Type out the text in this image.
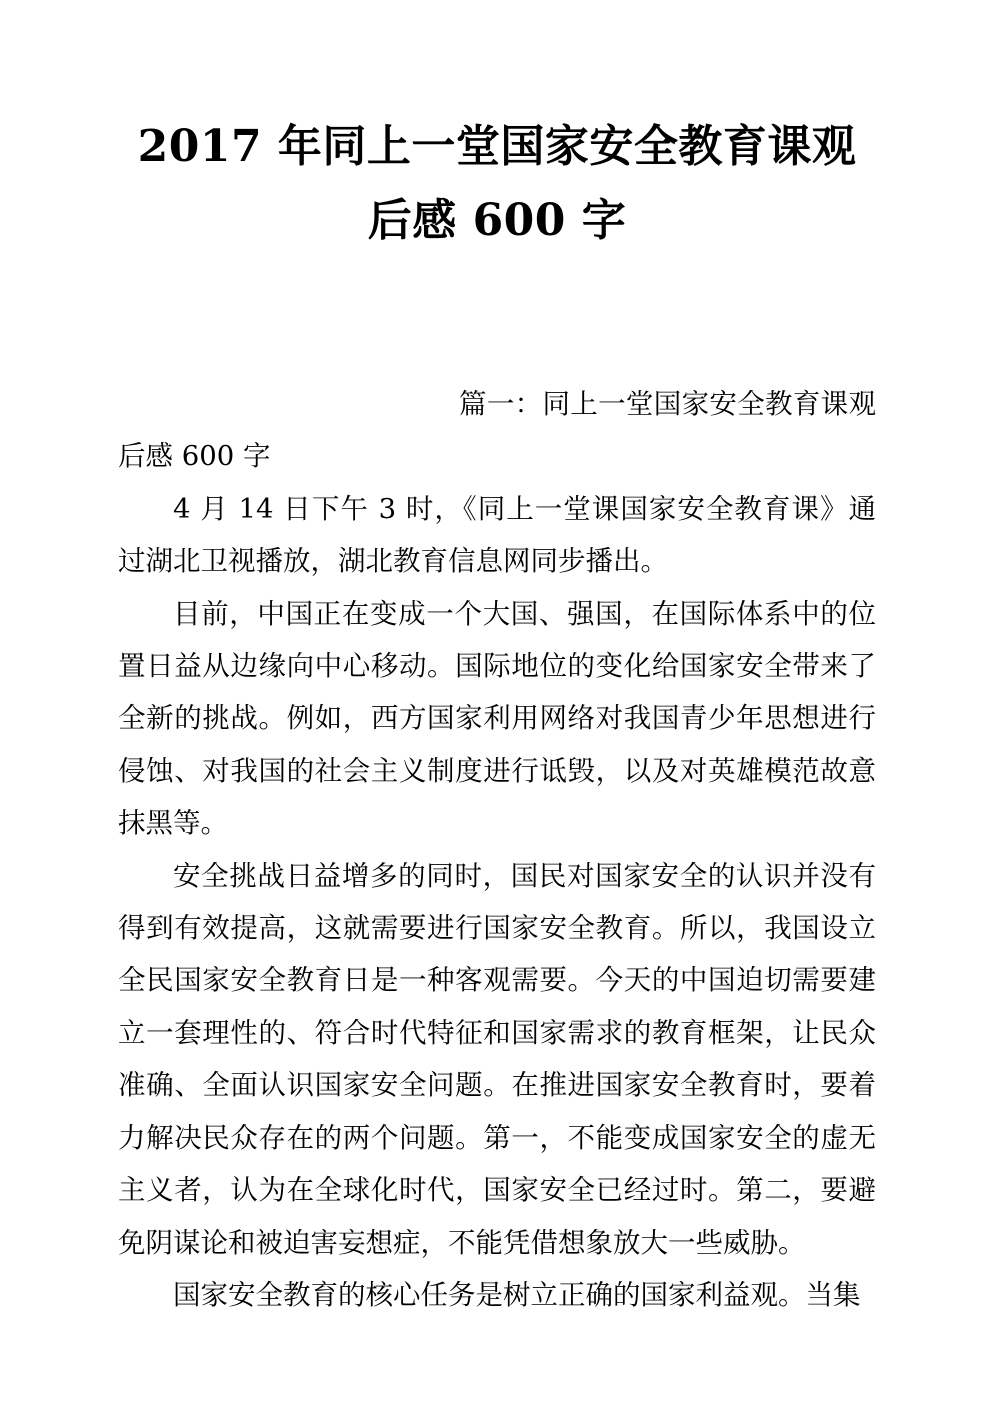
2017 年同上一堂国家安全教育课观后感 600 字

篇一：同上一堂国家安全教育课观后感 600 字

4 月 14 日下午 3 时，《同上一堂课国家安全教育课》通过湖北卫视播放，湖北教育信息网同步播出。

目前，中国正在变成一个大国、强国，在国际体系中的位置日益从边缘向中心移动。国际地位的变化给国家安全带来了全新的挑战。例如，西方国家利用网络对我国青少年思想进行侵蚀、对我国的社会主义制度进行诋毁，以及对英雄模范故意抹黑等。

安全挑战日益增多的同时，国民对国家安全的认识并没有得到有效提高，这就需要进行国家安全教育。所以，我国设立全民国家安全教育日是一种客观需要。今天的中国迫切需要建立一套理性的、符合时代特征和国家需求的教育框架，让民众准确、全面认识国家安全问题。在推进国家安全教育时，要着力解决民众存在的两个问题。第一，不能变成国家安全的虚无主义者，认为在全球化时代，国家安全已经过时。第二，要避免阴谋论和被迫害妄想症，不能凭借想象放大一些威胁。

国家安全教育的核心任务是树立正确的国家利益观。当集
